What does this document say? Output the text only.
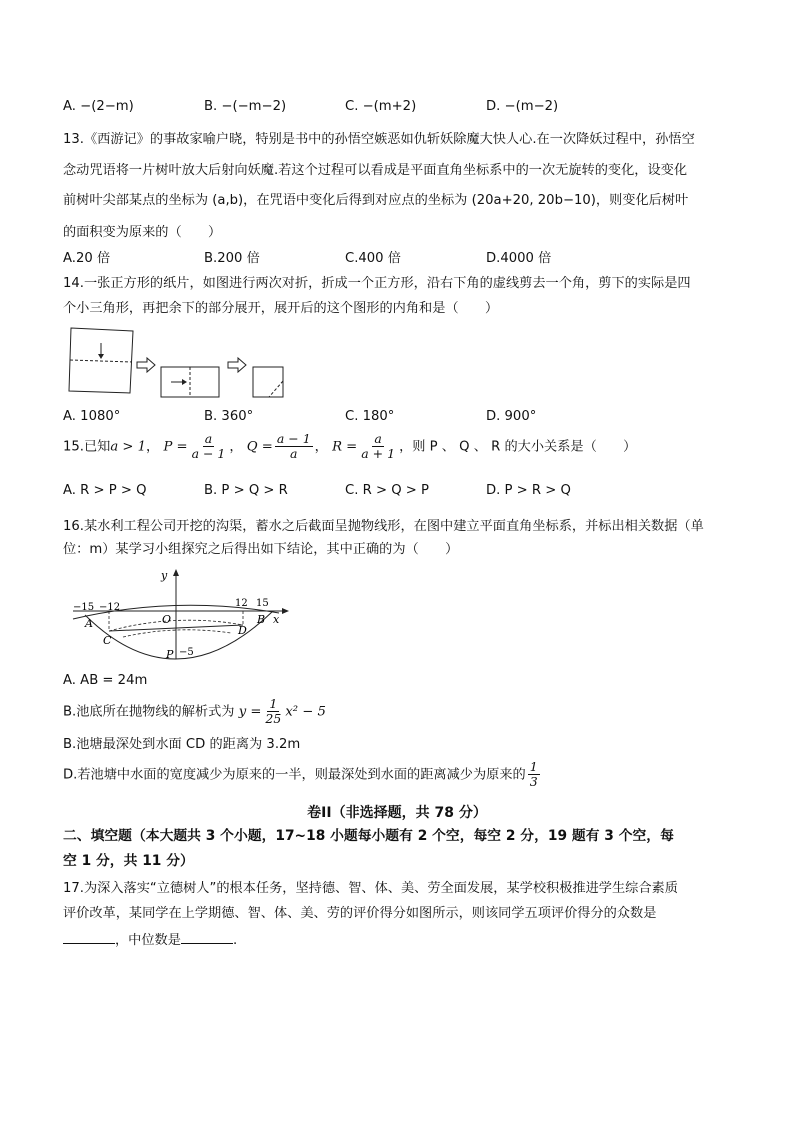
A. −(2−m)	B. −(−m−2)	C. −(m+2)	D. −(m−2)
13.《西游记》的事故家喻户晓，特别是书中的孙悟空嫉恶如仇斩妖除魔大快人心.在一次降妖过程中，孙悟空
念动咒语将一片树叶放大后射向妖魔.若这个过程可以看成是平面直角坐标系中的一次无旋转的变化，设变化
前树叶尖部某点的坐标为 (a,b)，在咒语中变化后得到对应点的坐标为 (20a+20, 20b−10)，则变化后树叶
的面积变为原来的（　　）
A.20 倍	B.200 倍	C.400 倍	D.4000 倍
14.一张正方形的纸片，如图进行两次对折，折成一个正方形，沿右下角的虚线剪去一个角，剪下的实际是四
个小三角形，再把余下的部分展开，展开后的这个图形的内角和是（　　）
A. 1080°	B. 360°	C. 180°	D. 900°
15.已知a > 1， $P = \frac{a}{a - 1}$ ， $Q = \frac{a - 1}{a}$ ， $R = \frac{a}{a + 1}$ ，则 P 、 Q 、 R 的大小关系是（　　）
A. R > P > Q	B. P > Q > R	C. R > Q > P	D. P > R > Q
16.某水利工程公司开挖的沟渠，蓄水之后截面呈抛物线形，在图中建立平面直角坐标系，并标出相关数据（单
位：m）某学习小组探究之后得出如下结论，其中正确的为（　　）
y
x
−15 −12	12 15
O
A	B
C
D
P −5
A. AB = 24m
B.池底所在抛物线的解析式为 $y = \frac{1}{25} x^2 - 5$
B.池塘最深处到水面 CD 的距离为 3.2m
D.若池塘中水面的宽度减少为原来的一半，则最深处到水面的距离减少为原来的 $\frac{1}{3}$
卷II（非选择题，共 78 分）
二、填空题（本大题共 3 个小题，17~18 小题每小题有 2 个空，每空 2 分，19 题有 3 个空，每
空 1 分，共 11 分）
17.为深入落实“立德树人”的根本任务，坚持德、智、体、美、劳全面发展，某学校积极推进学生综合素质
评价改革，某同学在上学期德、智、体、美、劳的评价得分如图所示，则该同学五项评价得分的众数是
，中位数是	.
